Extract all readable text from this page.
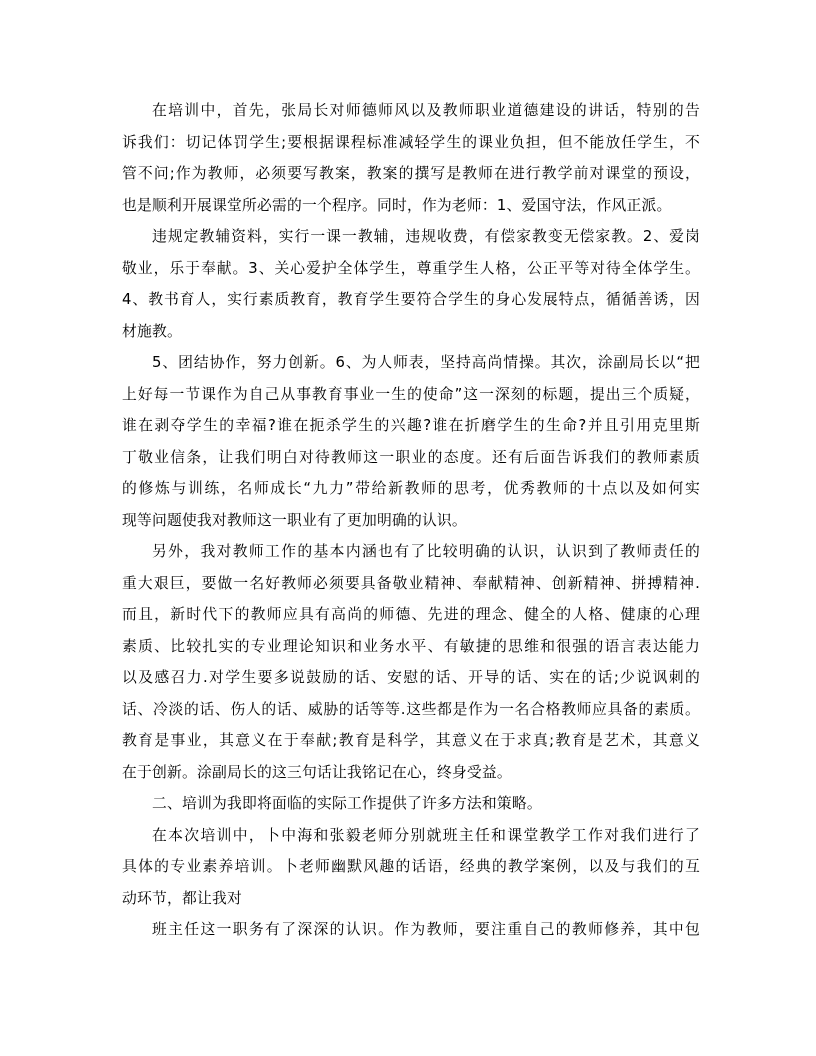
在培训中，首先，张局长对师德师风以及教师职业道德建设的讲话，特别的告
诉我们：切记体罚学生;要根据课程标准减轻学生的课业负担，但不能放任学生，不
管不问;作为教师，必须要写教案，教案的撰写是教师在进行教学前对课堂的预设，
也是顺利开展课堂所必需的一个程序。同时，作为老师：1、爱国守法，作风正派。
违规定教辅资料，实行一课一教辅，违规收费，有偿家教变无偿家教。2、爱岗
敬业，乐于奉献。3、关心爱护全体学生，尊重学生人格，公正平等对待全体学生。
4、教书育人，实行素质教育，教育学生要符合学生的身心发展特点，循循善诱，因
材施教。
5、团结协作，努力创新。6、为人师表，坚持高尚情操。其次，涂副局长以“把
上好每一节课作为自己从事教育事业一生的使命”这一深刻的标题，提出三个质疑，
谁在剥夺学生的幸福?谁在扼杀学生的兴趣?谁在折磨学生的生命?并且引用克里斯
丁敬业信条，让我们明白对待教师这一职业的态度。还有后面告诉我们的教师素质
的修炼与训练，名师成长“九力”带给新教师的思考，优秀教师的十点以及如何实
现等问题使我对教师这一职业有了更加明确的认识。
另外，我对教师工作的基本内涵也有了比较明确的认识，认识到了教师责任的
重大艰巨，要做一名好教师必须要具备敬业精神、奉献精神、创新精神、拼搏精神.
而且，新时代下的教师应具有高尚的师德、先进的理念、健全的人格、健康的心理
素质、比较扎实的专业理论知识和业务水平、有敏捷的思维和很强的语言表达能力
以及感召力.对学生要多说鼓励的话、安慰的话、开导的话、实在的话;少说讽刺的
话、冷淡的话、伤人的话、威胁的话等等.这些都是作为一名合格教师应具备的素质。
教育是事业，其意义在于奉献;教育是科学，其意义在于求真;教育是艺术，其意义
在于创新。涂副局长的这三句话让我铭记在心，终身受益。
二、培训为我即将面临的实际工作提供了许多方法和策略。
在本次培训中，卜中海和张毅老师分别就班主任和课堂教学工作对我们进行了
具体的专业素养培训。卜老师幽默风趣的话语，经典的教学案例，以及与我们的互
动环节，都让我对
班主任这一职务有了深深的认识。作为教师，要注重自己的教师修养，其中包
